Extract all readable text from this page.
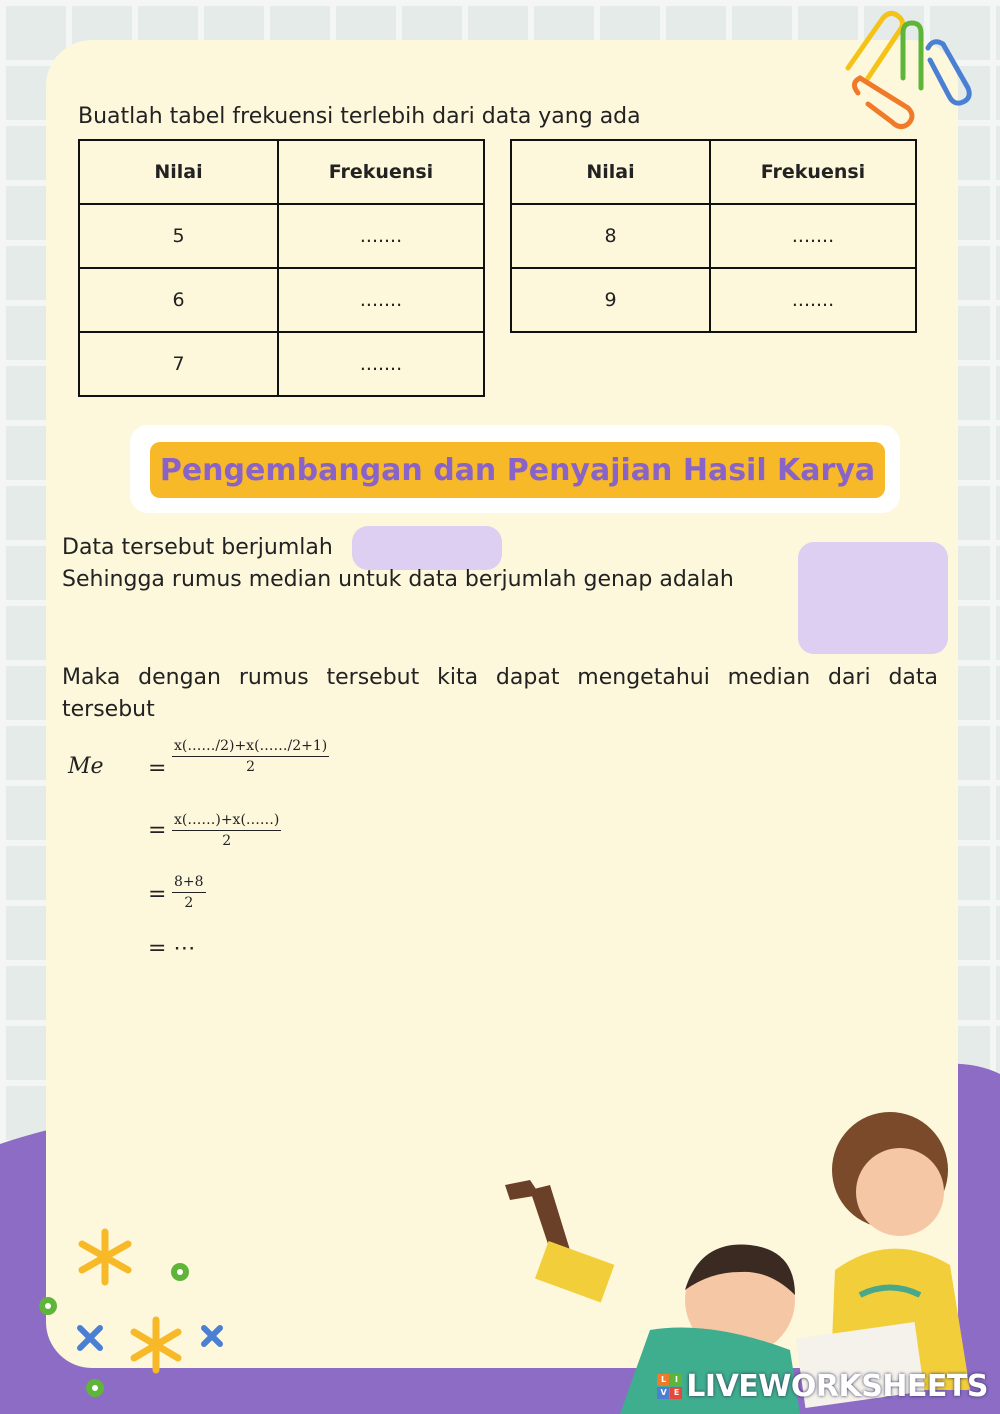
Buatlah tabel frekuensi terlebih dari data yang ada
Nilai	Frekuensi
5	.......
6	.......
7	.......
Nilai	Frekuensi
8	.......
9	.......
Pengembangan dan Penyajian Hasil Karya
Data tersebut berjumlah
Sehingga rumus median untuk data berjumlah genap adalah
Maka dengan rumus tersebut kita dapat mengetahui median dari data tersebut
$Me = \frac{x(\dots\dots/2)+x(\dots\dots/2+1)}{2}$
= $\frac{x(\dots\dots)+x(\dots\dots)}{2}$
= $\frac{8+8}{2}$
= ⋯
L	I
V E LIVEWORKSHEETS
